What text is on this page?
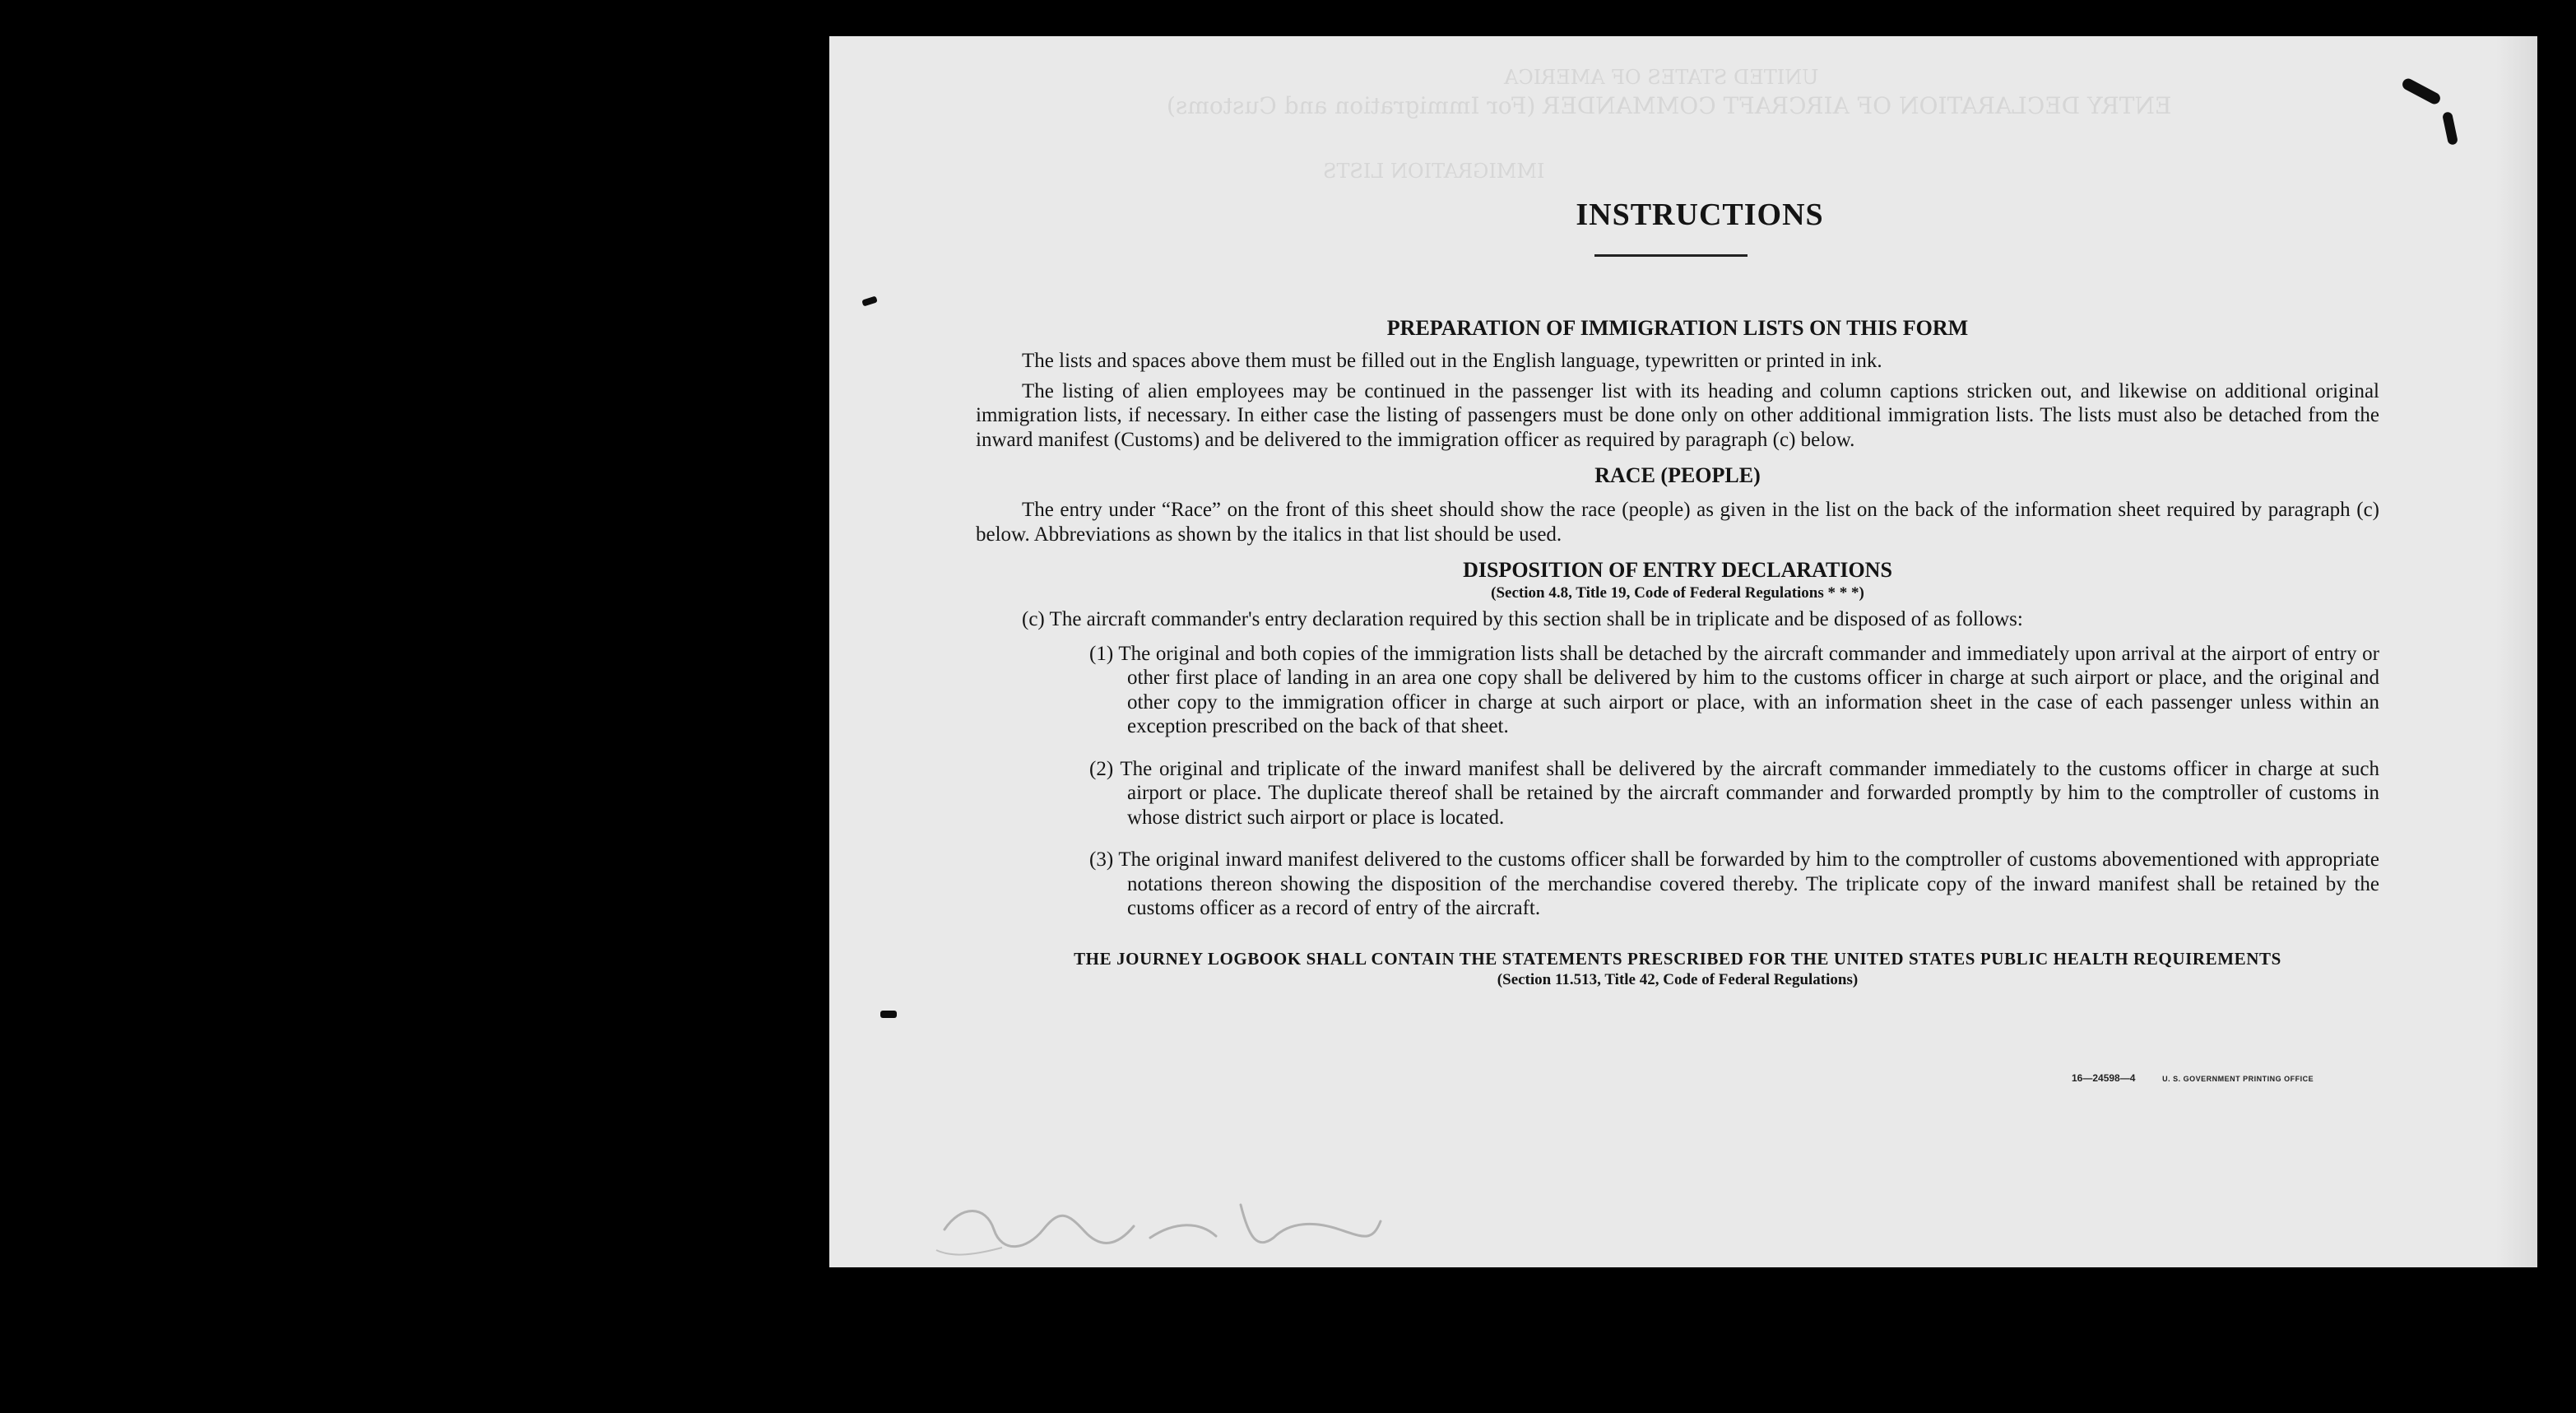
UNITED STATES OF AMERICA
ENTRY DECLARATION OF AIRCRAFT COMMANDER (For Immigration and Customs)
IMMIGRATION LISTS
INSTRUCTIONS

PREPARATION OF IMMIGRATION LISTS ON THIS FORM

The lists and spaces above them must be filled out in the English language, typewritten or printed in ink.

The listing of alien employees may be continued in the passenger list with its heading and column captions stricken out, and likewise on additional original immigration lists, if necessary. In either case the listing of passengers must be done only on other additional immigration lists. The lists must also be detached from the inward manifest (Customs) and be delivered to the immigration officer as required by paragraph (c) below.

RACE (PEOPLE)

The entry under “Race” on the front of this sheet should show the race (people) as given in the list on the back of the information sheet required by paragraph (c) below. Abbreviations as shown by the italics in that list should be used.

DISPOSITION OF ENTRY DECLARATIONS

(Section 4.8, Title 19, Code of Federal Regulations * * *)

(c) The aircraft commander's entry declaration required by this section shall be in triplicate and be disposed of as follows:

(1) The original and both copies of the immigration lists shall be detached by the aircraft commander and immediately upon arrival at the airport of entry or other first place of landing in an area one copy shall be delivered by him to the customs officer in charge at such airport or place, and the original and other copy to the immigration officer in charge at such airport or place, with an information sheet in the case of each passenger unless within an exception prescribed on the back of that sheet.

(2) The original and triplicate of the inward manifest shall be delivered by the aircraft commander immediately to the customs officer in charge at such airport or place. The duplicate thereof shall be retained by the aircraft commander and forwarded promptly by him to the comptroller of customs in whose district such airport or place is located.

(3) The original inward manifest delivered to the customs officer shall be forwarded by him to the comptroller of customs abovementioned with appropriate notations thereon showing the disposition of the merchandise covered thereby. The triplicate copy of the inward manifest shall be retained by the customs officer as a record of entry of the aircraft.

THE JOURNEY LOGBOOK SHALL CONTAIN THE STATEMENTS PRESCRIBED FOR THE UNITED STATES PUBLIC HEALTH REQUIREMENTS

(Section 11.513, Title 42, Code of Federal Regulations)

16—24598—4	U. S. GOVERNMENT PRINTING OFFICE
